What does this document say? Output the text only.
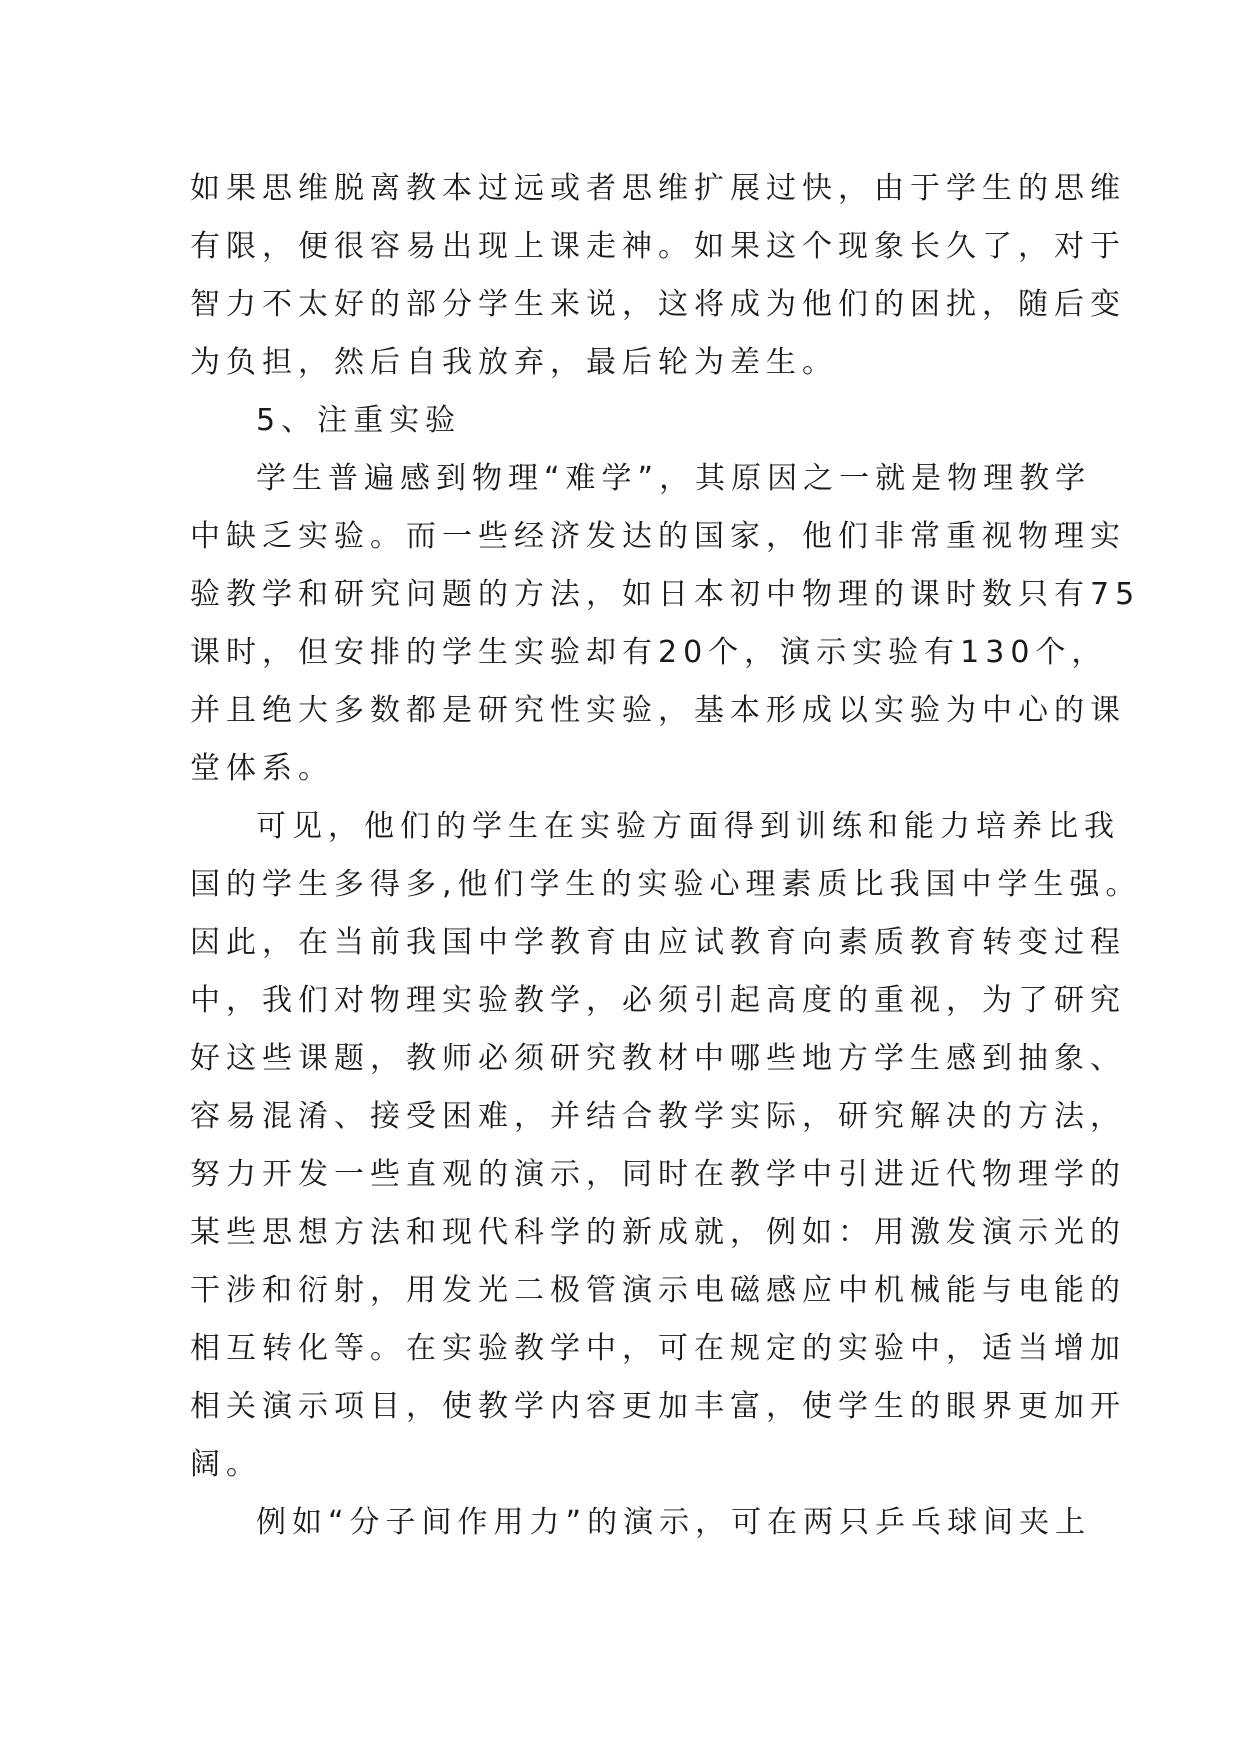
如果思维脱离教本过远或者思维扩展过快，由于学生的思维
有限，便很容易出现上课走神。如果这个现象长久了，对于
智力不太好的部分学生来说，这将成为他们的困扰，随后变
为负担，然后自我放弃，最后轮为差生。
5、注重实验
学生普遍感到物理“难学”，其原因之一就是物理教学
中缺乏实验。而一些经济发达的国家，他们非常重视物理实
验教学和研究问题的方法，如日本初中物理的课时数只有75
课时，但安排的学生实验却有20个，演示实验有130个，
并且绝大多数都是研究性实验，基本形成以实验为中心的课
堂体系。
可见，他们的学生在实验方面得到训练和能力培养比我
国的学生多得多,他们学生的实验心理素质比我国中学生强。
因此，在当前我国中学教育由应试教育向素质教育转变过程
中，我们对物理实验教学，必须引起高度的重视，为了研究
好这些课题，教师必须研究教材中哪些地方学生感到抽象、
容易混淆、接受困难，并结合教学实际，研究解决的方法，
努力开发一些直观的演示，同时在教学中引进近代物理学的
某些思想方法和现代科学的新成就，例如：用激发演示光的
干涉和衍射，用发光二极管演示电磁感应中机械能与电能的
相互转化等。在实验教学中，可在规定的实验中，适当增加
相关演示项目，使教学内容更加丰富，使学生的眼界更加开
阔。
例如“分子间作用力”的演示，可在两只乒乓球间夹上
